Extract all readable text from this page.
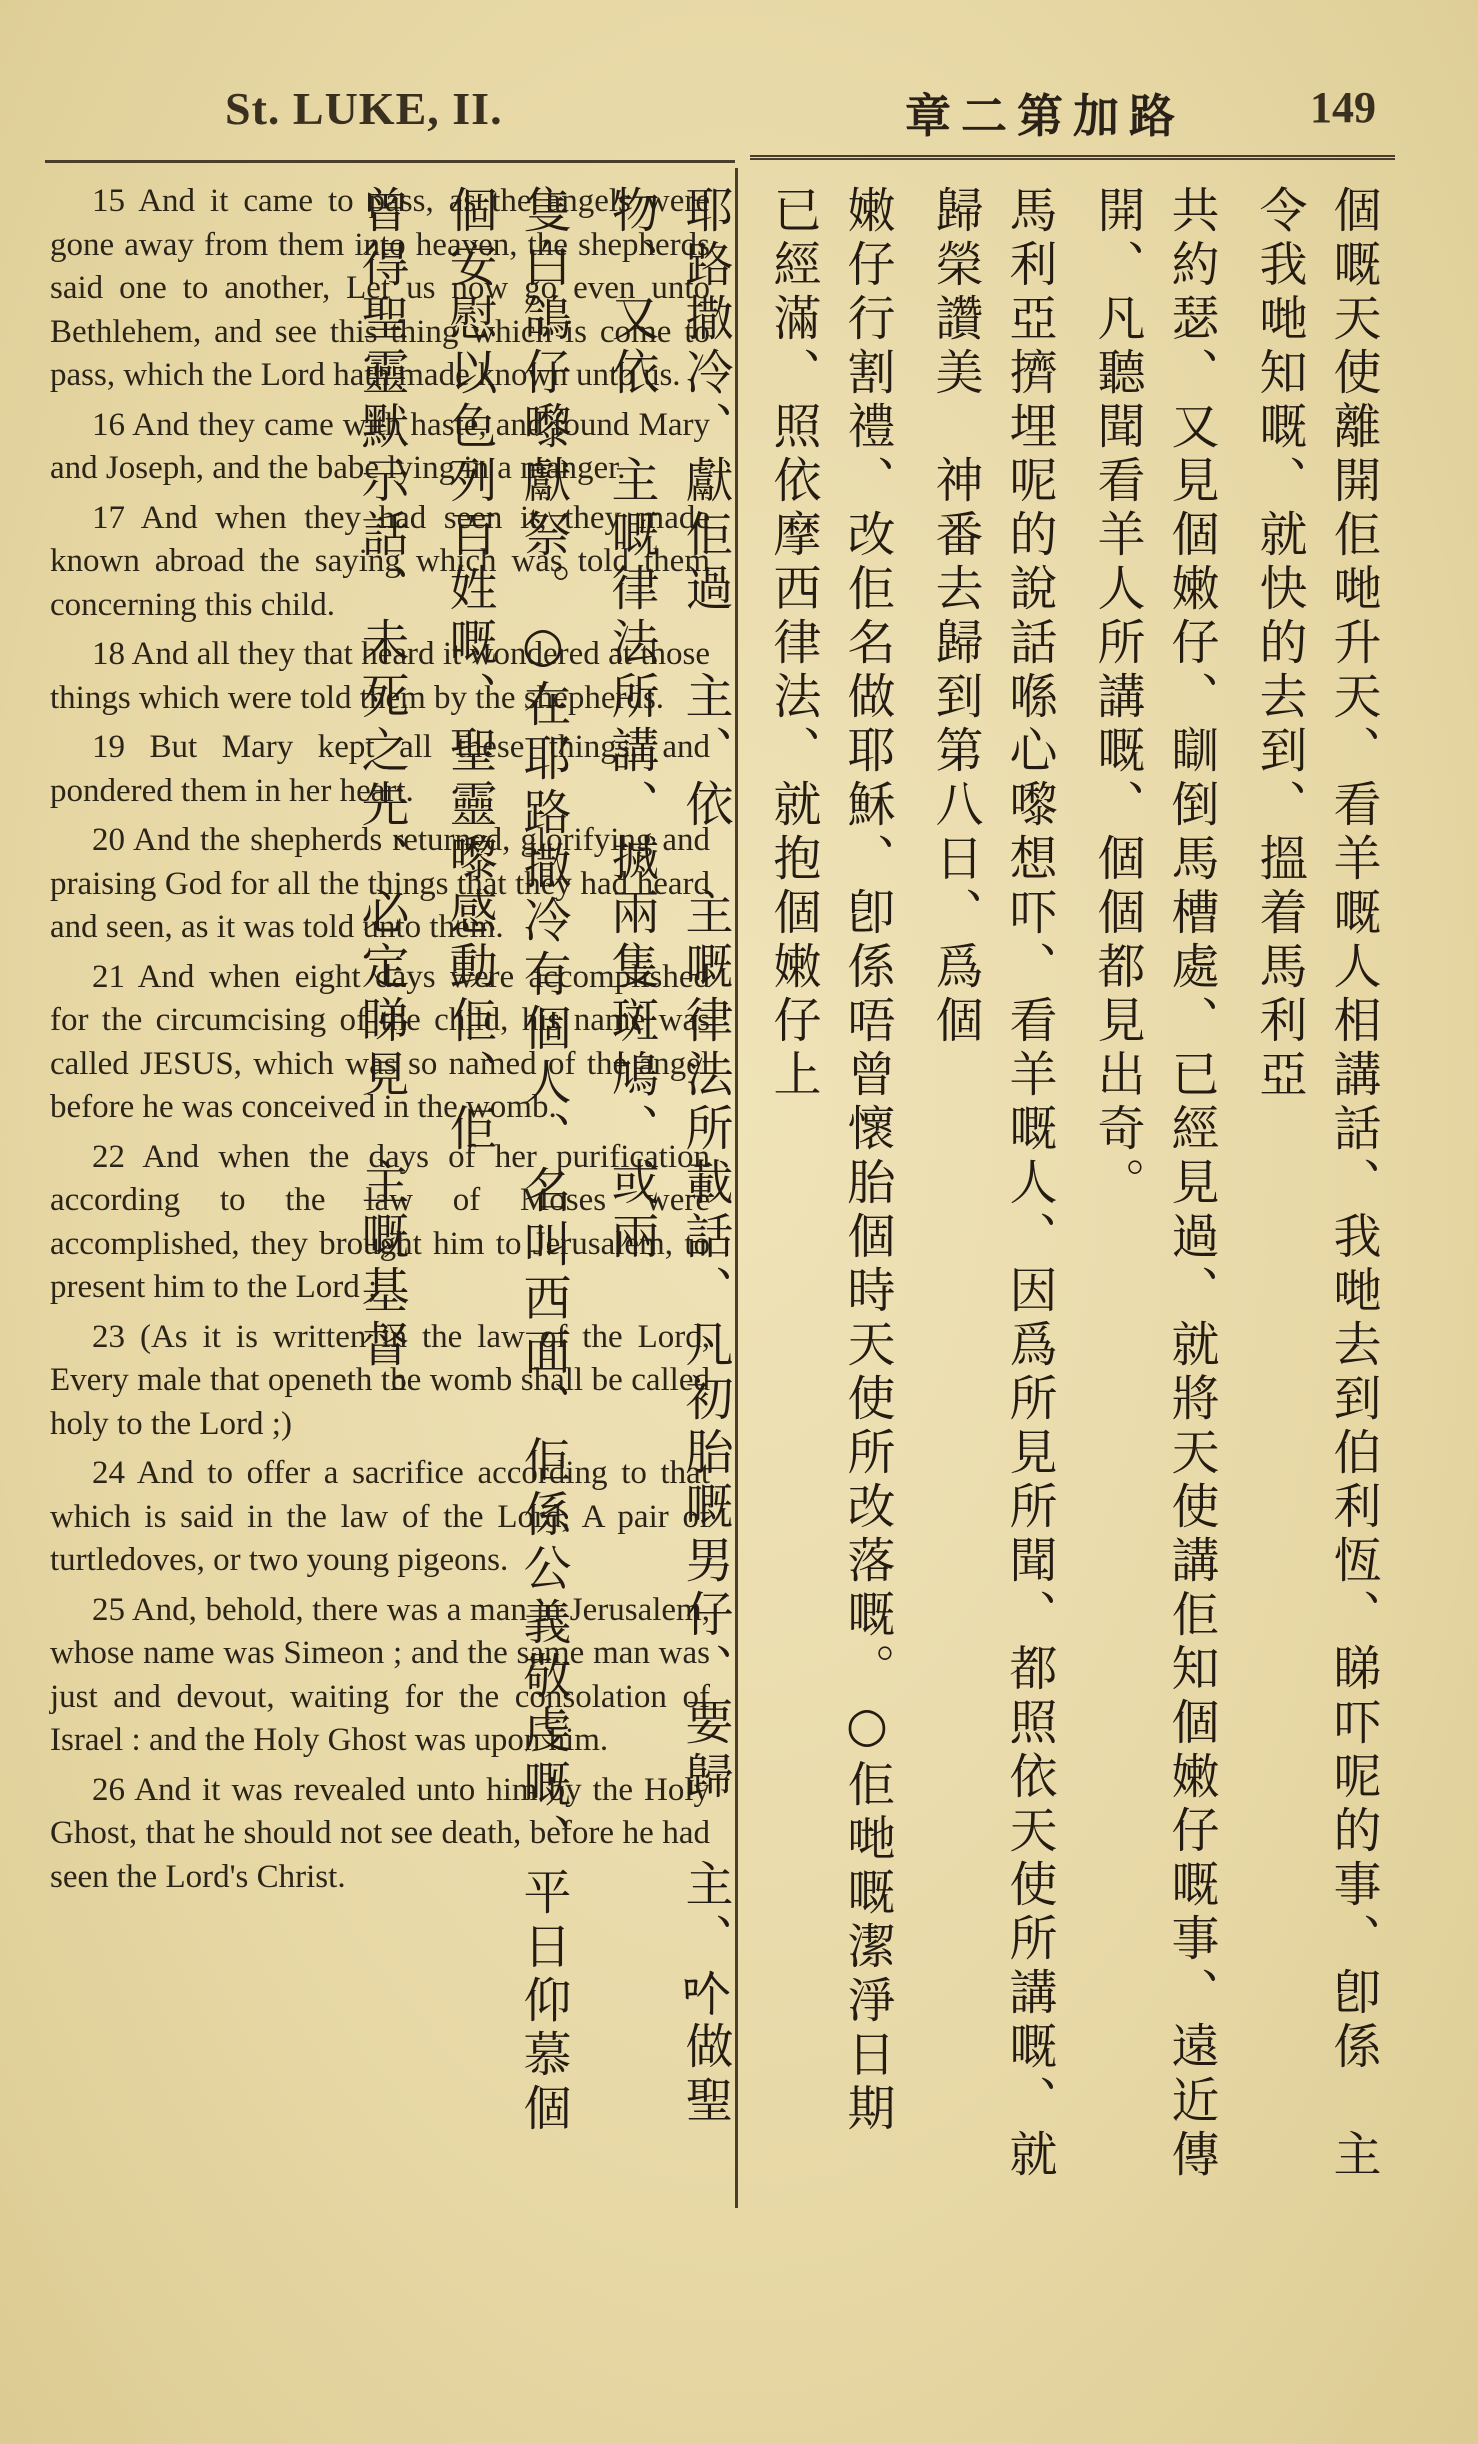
St. LUKE, II.	章二第加路	149

15 And it came to pass, as the angels were gone away from them into heaven, the shepherds said one to another, Let us now go even unto Bethlehem, and see this thing which is come to pass, which the Lord hath made known unto us.

16 And they came with haste, and found Mary and Joseph, and the babe lying in a manger.

17 And when they had seen it, they made known abroad the saying which was told them concerning this child.

18 And all they that heard it wondered at those things which were told them by the shepherds.

19 But Mary kept all these things, and pondered them in her heart.

20 And the shepherds returned, glorifying and praising God for all the things that they had heard and seen, as it was told unto them.

21 And when eight days were accomplished for the circumcising of the child, his name was called JESUS, which was so named of the angel before he was conceived in the womb.

22 And when the days of her purification according to the law of Moses were accomplished, they brought him to Jerusalem, to present him to the Lord ;

23 (As it is written in the law of the Lord, Every male that openeth the womb shall be called holy to the Lord ;)

24 And to offer a sacrifice according to that which is said in the law of the Lord, A pair of turtledoves, or two young pigeons.

25 And, behold, there was a man in Jerusalem, whose name was Simeon ; and the same man was just and devout, waiting for the consolation of Israel : and the Holy Ghost was upon him.

26 And it was revealed unto him by the Holy Ghost, that he should not see death, before he had seen the Lord's Christ.	個嘅天使離開佢哋升天、看羊嘅人相講話、我哋去到伯利恆、睇吓呢的事、卽係　主令我哋知嘅、就快的去到、搵着馬利亞
共約瑟、又見個嫩仔、瞓倒馬槽處、已經見過、就將天使講佢知個嫩仔嘅事、遠近傳開、凡聽聞看羊人所講嘅、個個都見出奇。
馬利亞擠埋呢的說話喺心嚟想吓、看羊嘅人、因爲所見所聞、都照依天使所講嘅、就歸榮讚美　神番去歸到第八日、爲個
嫩仔行割禮、改佢名做耶穌、卽係唔曾懷胎個時天使所改落嘅。○佢哋嘅潔淨日期已經滿、照依摩西律法、就抱個嫩仔上
耶路撒冷、獻佢過　主、依　主嘅律法所載話、凡初胎嘅男仔、要歸　主、𠮶做聖物、又依　主嘅律法所講、搣兩隻斑鳩、或兩
隻白鴿仔嚟獻祭。○在耶路撒冷有個人、名叫西面、佢係公義敬虔嘅、平日仰慕個個安慰以色列百姓嘅、聖靈嚟感動佢、佢
曾得聖靈默示話、未死之先、必定睇見　主嘅基督。
